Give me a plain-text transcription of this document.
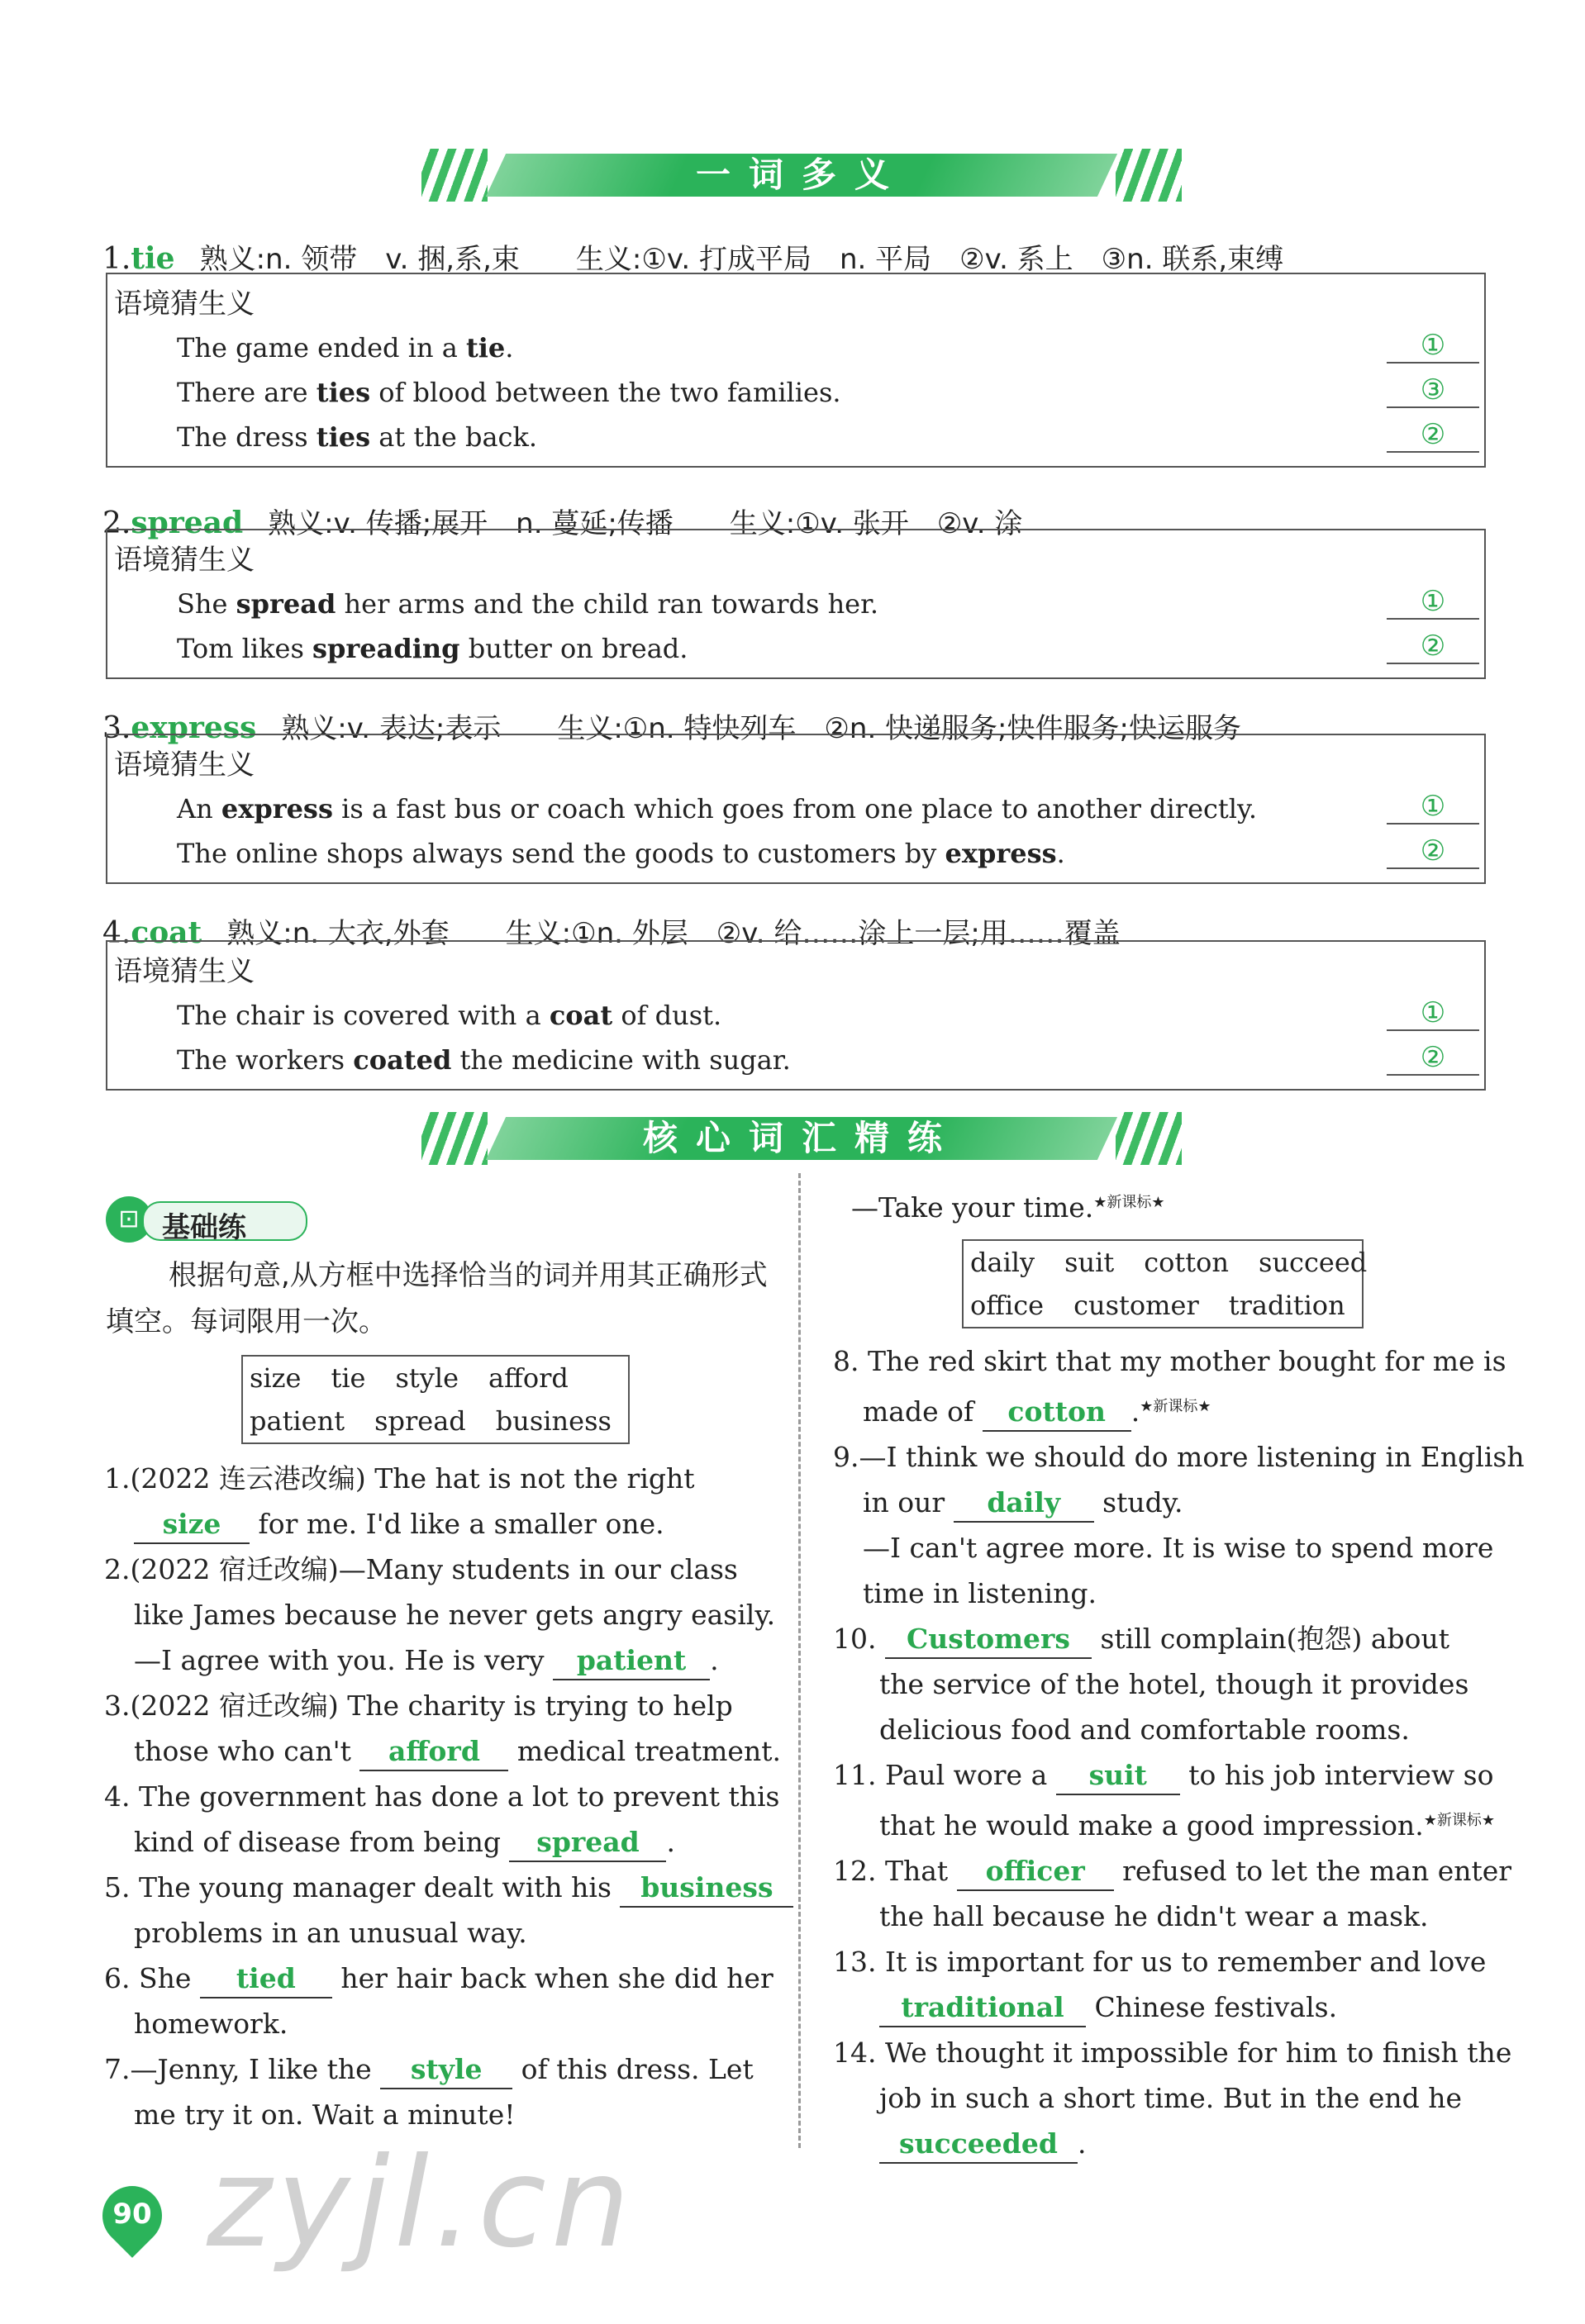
一词多义
1.tie 熟义:n. 领带　v. 捆,系,束　　生义:①v. 打成平局　n. 平局　②v. 系上　③n. 联系,束缚
语境猜生义
The game ended in a tie.	①
There are ties of blood between the two families.	③
The dress ties at the back.	②
2.spread 熟义:v. 传播;展开　n. 蔓延;传播　　生义:①v. 张开　②v. 涂
语境猜生义
She spread her arms and the child ran towards her.	①
Tom likes spreading butter on bread.	②
3.express 熟义:v. 表达;表示　　生义:①n. 特快列车　②n. 快递服务;快件服务;快运服务
语境猜生义
An express is a fast bus or coach which goes from one place to another directly.	①
The online shops always send the goods to customers by express.	②
4.coat 熟义:n. 大衣,外套　　生义:①n. 外层　②v. 给……涂上一层;用……覆盖
语境猜生义
The chair is covered with a coat of dust.	①
The workers coated the medicine with sugar.	②
核心词汇精练
⊡ 基础练
根据句意,从方框中选择恰当的词并用其正确形式填空。每词限用一次。
size tie style afford
patient spread business
1.(2022 连云港改编) The hat is not the right
size for me. I'd like a smaller one.
2.(2022 宿迁改编)—Many students in our class
like James because he never gets angry easily.
—I agree with you. He is very patient .
3.(2022 宿迁改编) The charity is trying to help
those who can't afford medical treatment.
4. The government has done a lot to prevent this
kind of disease from being spread .
5. The young manager dealt with his business
problems in an unusual way.
6. She tied her hair back when she did her
homework.
7.—Jenny, I like the style of this dress. Let
me try it on. Wait a minute!
—Take your time.$^{★新课标★}$
daily suit cotton succeed
office customer tradition
8. The red skirt that my mother bought for me is
made of cotton .$^{★新课标★}$
9.—I think we should do more listening in English
in our daily study.
—I can't agree more. It is wise to spend more
time in listening.
10. Customers still complain(抱怨) about
the service of the hotel, though it provides
delicious food and comfortable rooms.
11. Paul wore a suit to his job interview so
that he would make a good impression.$^{★新课标★}$
12. That officer refused to let the man enter
the hall because he didn't wear a mask.
13. It is important for us to remember and love
traditional Chinese festivals.
14. We thought it impossible for him to finish the
job in such a short time. But in the end he
succeeded .
90 zyjl.cn
